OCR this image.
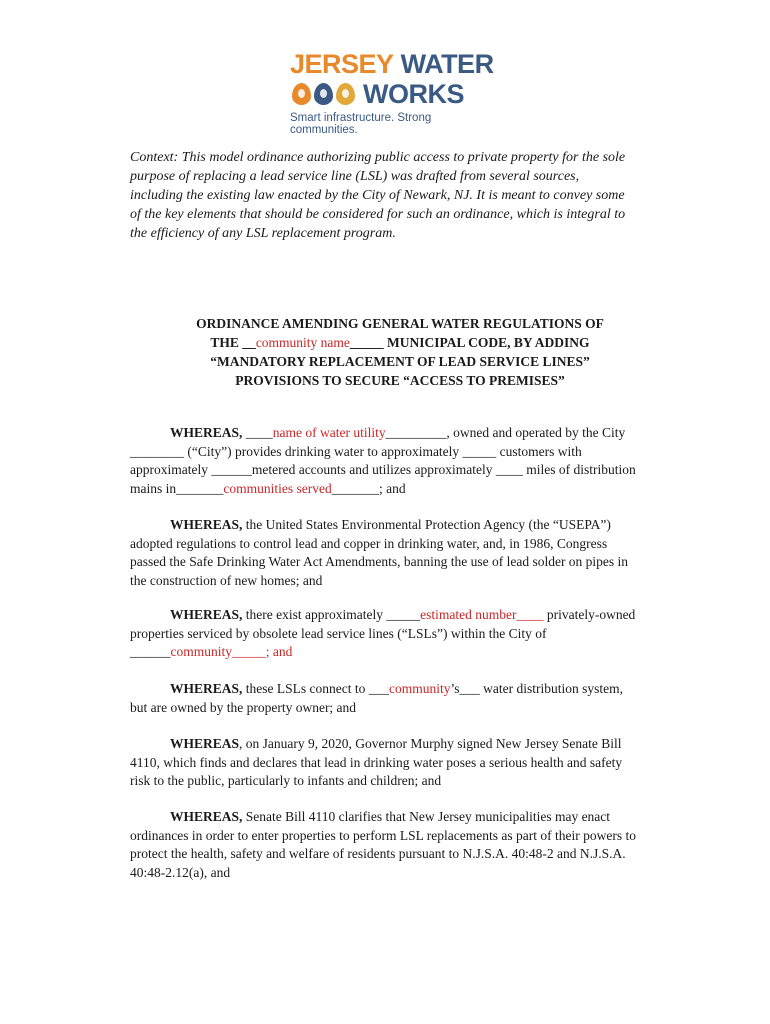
JERSEY
WATER
WORKS
Smart infrastructure. Strong communities.

Context: This model ordinance authorizing public access to private property for the sole purpose of replacing a lead service line (LSL) was drafted from several sources, including the existing law enacted by the City of Newark, NJ. It is meant to convey some of the key elements that should be considered for such an ordinance, which is integral to the efficiency of any LSL replacement program.

ORDINANCE AMENDING GENERAL WATER REGULATIONS OF
THE __community name_____ MUNICIPAL CODE, BY ADDING
“MANDATORY REPLACEMENT OF LEAD SERVICE LINES”
PROVISIONS TO SECURE “ACCESS TO PREMISES”

WHEREAS, ____name of water utility_________, owned and operated by the City ________ (“City”) provides drinking water to approximately _____ customers with approximately ______metered accounts and utilizes approximately ____ miles of distribution mains in_______communities served_______; and

WHEREAS, the United States Environmental Protection Agency (the “USEPA”) adopted regulations to control lead and copper in drinking water, and, in 1986, Congress passed the Safe Drinking Water Act Amendments, banning the use of lead solder on pipes in the construction of new homes; and

WHEREAS, there exist approximately _____estimated number____ privately-owned properties serviced by obsolete lead service lines (“LSLs”) within the City of ______community_____; and

WHEREAS, these LSLs connect to ___community’s___ water distribution system, but are owned by the property owner; and

WHEREAS, on January 9, 2020, Governor Murphy signed New Jersey Senate Bill 4110, which finds and declares that lead in drinking water poses a serious health and safety risk to the public, particularly to infants and children; and

WHEREAS, Senate Bill 4110 clarifies that New Jersey municipalities may enact ordinances in order to enter properties to perform LSL replacements as part of their powers to protect the health, safety and welfare of residents pursuant to N.J.S.A. 40:48-2 and N.J.S.A. 40:48-2.12(a), and
